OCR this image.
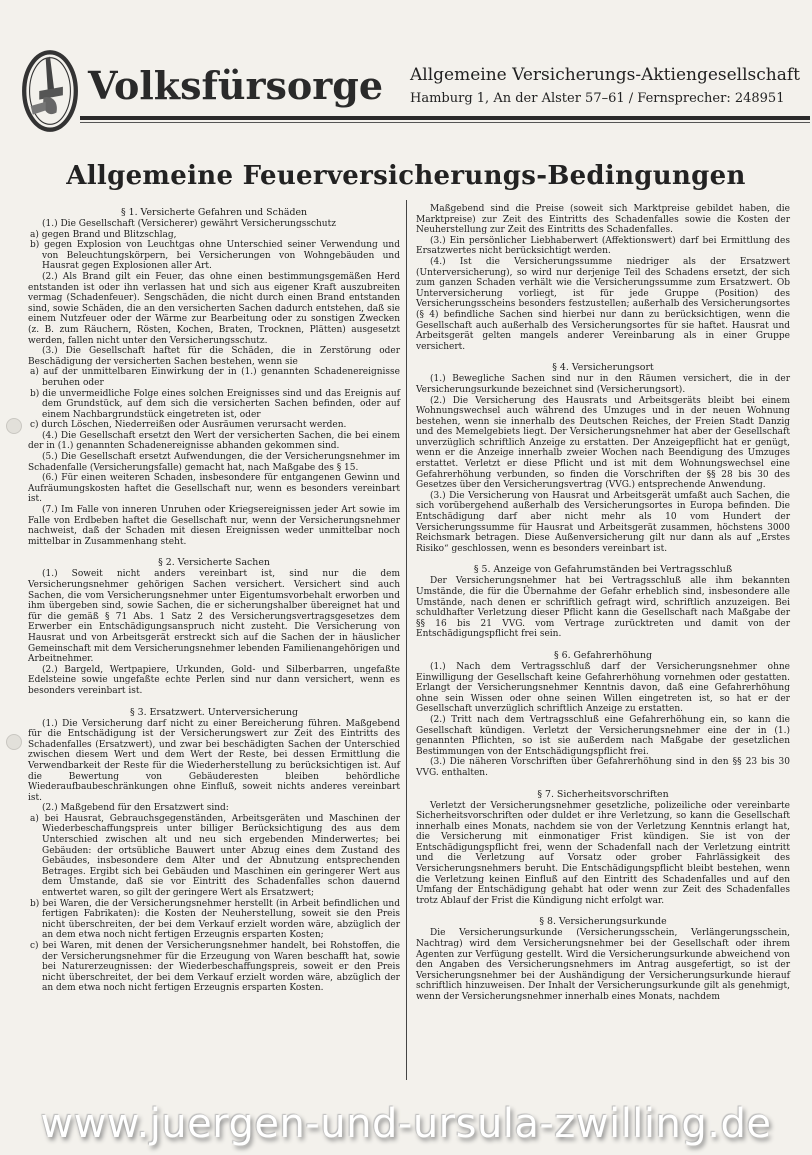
Volksfürsorge Allgemeine Versicherungs-Aktiengesellschaft
Hamburg 1, An der Alster 57–61 / Fernsprecher: 248951
Allgemeine Feuerversicherungs-Bedingungen

§ 1. Versicherte Gefahren und Schäden

(1.) Die Gesellschaft (Versicherer) gewährt Versicherungsschutz

a) gegen Brand und Blitzschlag,

b) gegen Explosion von Leuchtgas ohne Unterschied seiner Verwendung und von Beleuchtungskörpern, bei Versicherungen von Wohngebäuden und Hausrat gegen Explosionen aller Art.

(2.) Als Brand gilt ein Feuer, das ohne einen bestimmungsgemäßen Herd entstanden ist oder ihn verlassen hat und sich aus eigener Kraft auszubreiten vermag (Schadenfeuer). Sengschäden, die nicht durch einen Brand entstanden sind, sowie Schäden, die an den versicherten Sachen dadurch entstehen, daß sie einem Nutzfeuer oder der Wärme zur Bearbeitung oder zu sonstigen Zwecken (z. B. zum Räuchern, Rösten, Kochen, Braten, Trocknen, Plätten) ausgesetzt werden, fallen nicht unter den Versicherungsschutz.

(3.) Die Gesellschaft haftet für die Schäden, die in Zerstörung oder Beschädigung der versicherten Sachen bestehen, wenn sie

a) auf der unmittelbaren Einwirkung der in (1.) genannten Schadenereignisse beruhen oder

b) die unvermeidliche Folge eines solchen Ereignisses sind und das Ereignis auf dem Grundstück, auf dem sich die versicherten Sachen befinden, oder auf einem Nachbargrundstück eingetreten ist, oder

c) durch Löschen, Niederreißen oder Ausräumen verursacht werden.

(4.) Die Gesellschaft ersetzt den Wert der versicherten Sachen, die bei einem der in (1.) genannten Schadenereignisse abhanden gekommen sind.

(5.) Die Gesellschaft ersetzt Aufwendungen, die der Versicherungsnehmer im Schadenfalle (Versicherungsfalle) gemacht hat, nach Maßgabe des § 15.

(6.) Für einen weiteren Schaden, insbesondere für entgangenen Gewinn und Aufräumungskosten haftet die Gesellschaft nur, wenn es besonders vereinbart ist.

(7.) Im Falle von inneren Unruhen oder Kriegsereignissen jeder Art sowie im Falle von Erdbeben haftet die Gesellschaft nur, wenn der Versicherungsnehmer nachweist, daß der Schaden mit diesen Ereignissen weder unmittelbar noch mittelbar in Zusammenhang steht.

§ 2. Versicherte Sachen

(1.) Soweit nicht anders vereinbart ist, sind nur die dem Versicherungsnehmer gehörigen Sachen versichert. Versichert sind auch Sachen, die vom Versicherungsnehmer unter Eigentumsvorbehalt erworben und ihm übergeben sind, sowie Sachen, die er sicherungshalber übereignet hat und für die gemäß § 71 Abs. 1 Satz 2 des Versicherungsvertragsgesetzes dem Erwerber ein Entschädigungsanspruch nicht zusteht. Die Versicherung von Hausrat und von Arbeitsgerät erstreckt sich auf die Sachen der in häuslicher Gemeinschaft mit dem Versicherungsnehmer lebenden Familienangehörigen und Arbeitnehmer.

(2.) Bargeld, Wertpapiere, Urkunden, Gold- und Silberbarren, ungefaßte Edelsteine sowie ungefaßte echte Perlen sind nur dann versichert, wenn es besonders vereinbart ist.

§ 3. Ersatzwert. Unterversicherung

(1.) Die Versicherung darf nicht zu einer Bereicherung führen. Maßgebend für die Entschädigung ist der Versicherungswert zur Zeit des Eintritts des Schadenfalles (Ersatzwert), und zwar bei beschädigten Sachen der Unterschied zwischen diesem Wert und dem Wert der Reste, bei dessen Ermittlung die Verwendbarkeit der Reste für die Wiederherstellung zu berücksichtigen ist. Auf die Bewertung von Gebäuderesten bleiben behördliche Wiederaufbaubeschränkungen ohne Einfluß, soweit nichts anderes vereinbart ist.

(2.) Maßgebend für den Ersatzwert sind:

a) bei Hausrat, Gebrauchsgegenständen, Arbeitsgeräten und Maschinen der Wiederbeschaffungspreis unter billiger Berücksichtigung des aus dem Unterschied zwischen alt und neu sich ergebenden Minderwertes; bei Gebäuden: der ortsübliche Bauwert unter Abzug eines dem Zustand des Gebäudes, insbesondere dem Alter und der Abnutzung entsprechenden Betrages. Ergibt sich bei Gebäuden und Maschinen ein geringerer Wert aus dem Umstande, daß sie vor Eintritt des Schadenfalles schon dauernd entwertet waren, so gilt der geringere Wert als Ersatzwert;

b) bei Waren, die der Versicherungsnehmer herstellt (in Arbeit befindlichen und fertigen Fabrikaten): die Kosten der Neuherstellung, soweit sie den Preis nicht überschreiten, der bei dem Verkauf erzielt worden wäre, abzüglich der an dem etwa noch nicht fertigen Erzeugnis ersparten Kosten;

c) bei Waren, mit denen der Versicherungsnehmer handelt, bei Rohstoffen, die der Versicherungsnehmer für die Erzeugung von Waren beschafft hat, sowie bei Naturerzeugnissen: der Wiederbeschaffungspreis, soweit er den Preis nicht überschreitet, der bei dem Verkauf erzielt worden wäre, abzüglich der an dem etwa noch nicht fertigen Erzeugnis ersparten Kosten.

Maßgebend sind die Preise (soweit sich Marktpreise gebildet haben, die Marktpreise) zur Zeit des Eintritts des Schadenfalles sowie die Kosten der Neuherstellung zur Zeit des Eintritts des Schadenfalles.

(3.) Ein persönlicher Liebhaberwert (Affektionswert) darf bei Ermittlung des Ersatzwertes nicht berücksichtigt werden.

(4.) Ist die Versicherungssumme niedriger als der Ersatzwert (Unterversicherung), so wird nur derjenige Teil des Schadens ersetzt, der sich zum ganzen Schaden verhält wie die Versicherungssumme zum Ersatzwert. Ob Unterversicherung vorliegt, ist für jede Gruppe (Position) des Versicherungsscheins besonders festzustellen; außerhalb des Versicherungsortes (§ 4) befindliche Sachen sind hierbei nur dann zu berücksichtigen, wenn die Gesellschaft auch außerhalb des Versicherungsortes für sie haftet. Hausrat und Arbeitsgerät gelten mangels anderer Vereinbarung als in einer Gruppe versichert.

§ 4. Versicherungsort

(1.) Bewegliche Sachen sind nur in den Räumen versichert, die in der Versicherungsurkunde bezeichnet sind (Versicherungsort).

(2.) Die Versicherung des Hausrats und Arbeitsgeräts bleibt bei einem Wohnungswechsel auch während des Umzuges und in der neuen Wohnung bestehen, wenn sie innerhalb des Deutschen Reiches, der Freien Stadt Danzig und des Memelgebiets liegt. Der Versicherungsnehmer hat aber der Gesellschaft unverzüglich schriftlich Anzeige zu erstatten. Der Anzeigepflicht hat er genügt, wenn er die Anzeige innerhalb zweier Wochen nach Beendigung des Umzuges erstattet. Verletzt er diese Pflicht und ist mit dem Wohnungswechsel eine Gefahrerhöhung verbunden, so finden die Vorschriften der §§ 28 bis 30 des Gesetzes über den Versicherungsvertrag (VVG.) entsprechende Anwendung.

(3.) Die Versicherung von Hausrat und Arbeitsgerät umfaßt auch Sachen, die sich vorübergehend außerhalb des Versicherungsortes in Europa befinden. Die Entschädigung darf aber nicht mehr als 10 vom Hundert der Versicherungssumme für Hausrat und Arbeitsgerät zusammen, höchstens 3000 Reichsmark betragen. Diese Außenversicherung gilt nur dann als auf „Erstes Risiko“ geschlossen, wenn es besonders vereinbart ist.

§ 5. Anzeige von Gefahrumständen bei Vertragsschluß

Der Versicherungsnehmer hat bei Vertragsschluß alle ihm bekannten Umstände, die für die Übernahme der Gefahr erheblich sind, insbesondere alle Umstände, nach denen er schriftlich gefragt wird, schriftlich anzuzeigen. Bei schuldhafter Verletzung dieser Pflicht kann die Gesellschaft nach Maßgabe der §§ 16 bis 21 VVG. vom Vertrage zurücktreten und damit von der Entschädigungspflicht frei sein.

§ 6. Gefahrerhöhung

(1.) Nach dem Vertragsschluß darf der Versicherungsnehmer ohne Einwilligung der Gesellschaft keine Gefahrerhöhung vornehmen oder gestatten. Erlangt der Versicherungsnehmer Kenntnis davon, daß eine Gefahrerhöhung ohne sein Wissen oder ohne seinen Willen eingetreten ist, so hat er der Gesellschaft unverzüglich schriftlich Anzeige zu erstatten.

(2.) Tritt nach dem Vertragsschluß eine Gefahrerhöhung ein, so kann die Gesellschaft kündigen. Verletzt der Versicherungsnehmer eine der in (1.) genannten Pflichten, so ist sie außerdem nach Maßgabe der gesetzlichen Bestimmungen von der Entschädigungspflicht frei.

(3.) Die näheren Vorschriften über Gefahrerhöhung sind in den §§ 23 bis 30 VVG. enthalten.

§ 7. Sicherheitsvorschriften

Verletzt der Versicherungsnehmer gesetzliche, polizeiliche oder vereinbarte Sicherheitsvorschriften oder duldet er ihre Verletzung, so kann die Gesellschaft innerhalb eines Monats, nachdem sie von der Verletzung Kenntnis erlangt hat, die Versicherung mit einmonatiger Frist kündigen. Sie ist von der Entschädigungspflicht frei, wenn der Schadenfall nach der Verletzung eintritt und die Verletzung auf Vorsatz oder grober Fahrlässigkeit des Versicherungsnehmers beruht. Die Entschädigungspflicht bleibt bestehen, wenn die Verletzung keinen Einfluß auf den Eintritt des Schadenfalles und auf den Umfang der Entschädigung gehabt hat oder wenn zur Zeit des Schadenfalles trotz Ablauf der Frist die Kündigung nicht erfolgt war.

§ 8. Versicherungsurkunde

Die Versicherungsurkunde (Versicherungsschein, Verlängerungsschein, Nachtrag) wird dem Versicherungsnehmer bei der Gesellschaft oder ihrem Agenten zur Verfügung gestellt. Wird die Versicherungsurkunde abweichend von den Angaben des Versicherungsnehmers im Antrag ausgefertigt, so ist der Versicherungsnehmer bei der Aushändigung der Versicherungsurkunde hierauf schriftlich hinzuweisen. Der Inhalt der Versicherungsurkunde gilt als genehmigt, wenn der Versicherungsnehmer innerhalb eines Monats, nachdem

www.juergen-und-ursula-zwilling.de
